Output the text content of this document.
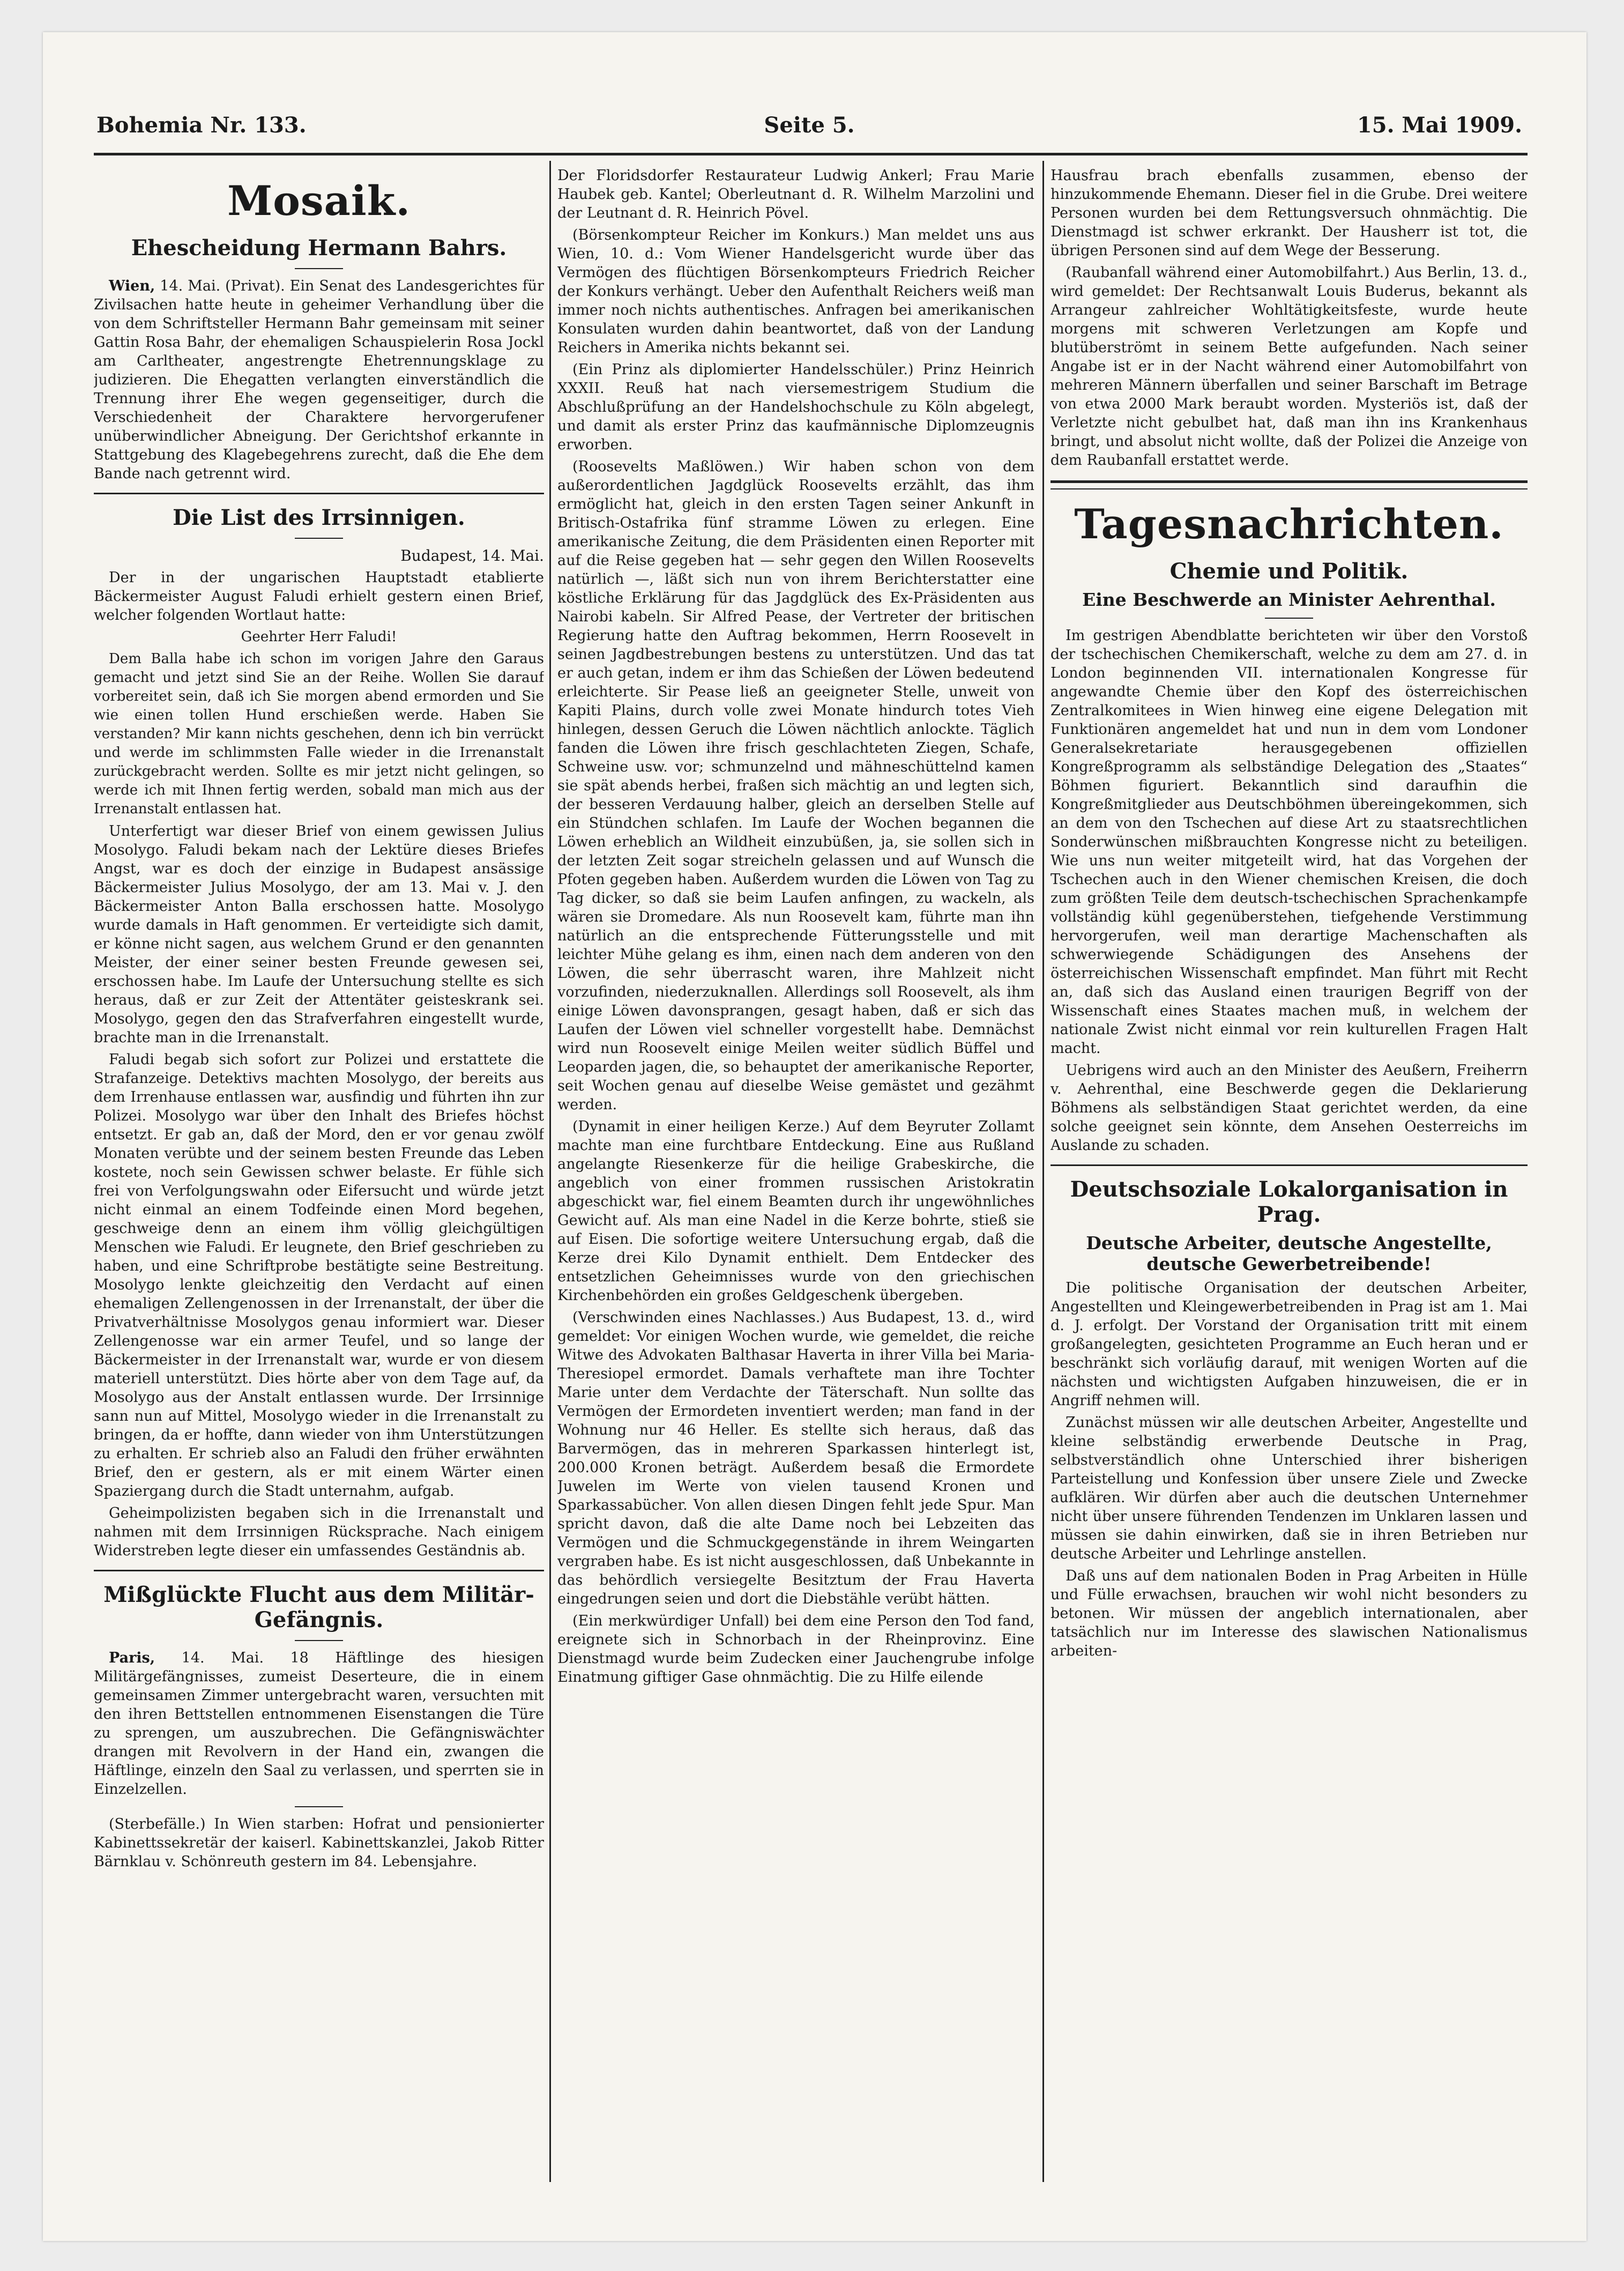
Bohemia Nr. 133.	Seite 5.	15. Mai 1909.
Mosaik.
Ehescheidung Hermann Bahrs.

Wien, 14. Mai. (Privat). Ein Senat des Landesgerichtes für Zivilsachen hatte heute in geheimer Verhandlung über die von dem Schriftsteller Hermann Bahr gemeinsam mit seiner Gattin Rosa Bahr, der ehemaligen Schauspielerin Rosa Jockl am Carltheater, angestrengte Ehetrennungsklage zu judizieren. Die Ehegatten verlangten einverständlich die Trennung ihrer Ehe wegen gegenseitiger, durch die Verschiedenheit der Charaktere hervorgerufener unüberwindlicher Abneigung. Der Gerichtshof erkannte in Stattgebung des Klagebegehrens zurecht, daß die Ehe dem Bande nach getrennt wird.

Die List des Irrsinnigen.

Budapest, 14. Mai.

Der in der ungarischen Hauptstadt etablierte Bäckermeister August Faludi erhielt gestern einen Brief, welcher folgenden Wortlaut hatte:

Geehrter Herr Faludi!

Dem Balla habe ich schon im vorigen Jahre den Garaus gemacht und jetzt sind Sie an der Reihe. Wollen Sie darauf vorbereitet sein, daß ich Sie morgen abend ermorden und Sie wie einen tollen Hund erschießen werde. Haben Sie verstanden? Mir kann nichts geschehen, denn ich bin verrückt und werde im schlimmsten Falle wieder in die Irrenanstalt zurückgebracht werden. Sollte es mir jetzt nicht gelingen, so werde ich mit Ihnen fertig werden, sobald man mich aus der Irrenanstalt entlassen hat.

Unterfertigt war dieser Brief von einem gewissen Julius Mosolygo. Faludi bekam nach der Lektüre dieses Briefes Angst, war es doch der einzige in Budapest ansässige Bäckermeister Julius Mosolygo, der am 13. Mai v. J. den Bäckermeister Anton Balla erschossen hatte. Mosolygo wurde damals in Haft genommen. Er verteidigte sich damit, er könne nicht sagen, aus welchem Grund er den genannten Meister, der einer seiner besten Freunde gewesen sei, erschossen habe. Im Laufe der Untersuchung stellte es sich heraus, daß er zur Zeit der Attentäter geisteskrank sei. Mosolygo, gegen den das Strafverfahren eingestellt wurde, brachte man in die Irrenanstalt.

Faludi begab sich sofort zur Polizei und erstattete die Strafanzeige. Detektivs machten Mosolygo, der bereits aus dem Irrenhause entlassen war, ausfindig und führten ihn zur Polizei. Mosolygo war über den Inhalt des Briefes höchst entsetzt. Er gab an, daß der Mord, den er vor genau zwölf Monaten verübte und der seinem besten Freunde das Leben kostete, noch sein Gewissen schwer belaste. Er fühle sich frei von Verfolgungswahn oder Eifersucht und würde jetzt nicht einmal an einem Todfeinde einen Mord begehen, geschweige denn an einem ihm völlig gleichgültigen Menschen wie Faludi. Er leugnete, den Brief geschrieben zu haben, und eine Schriftprobe bestätigte seine Bestreitung. Mosolygo lenkte gleichzeitig den Verdacht auf einen ehemaligen Zellengenossen in der Irrenanstalt, der über die Privatverhältnisse Mosolygos genau informiert war. Dieser Zellengenosse war ein armer Teufel, und so lange der Bäckermeister in der Irrenanstalt war, wurde er von diesem materiell unterstützt. Dies hörte aber von dem Tage auf, da Mosolygo aus der Anstalt entlassen wurde. Der Irrsinnige sann nun auf Mittel, Mosolygo wieder in die Irrenanstalt zu bringen, da er hoffte, dann wieder von ihm Unterstützungen zu erhalten. Er schrieb also an Faludi den früher erwähnten Brief, den er gestern, als er mit einem Wärter einen Spaziergang durch die Stadt unternahm, aufgab.

Geheimpolizisten begaben sich in die Irrenanstalt und nahmen mit dem Irrsinnigen Rücksprache. Nach einigem Widerstreben legte dieser ein umfassendes Geständnis ab.

Mißglückte Flucht aus dem Militär-Gefängnis.

Paris, 14. Mai. 18 Häftlinge des hiesigen Militärgefängnisses, zumeist Deserteure, die in einem gemeinsamen Zimmer untergebracht waren, versuchten mit den ihren Bettstellen entnommenen Eisenstangen die Türe zu sprengen, um auszubrechen. Die Gefängniswächter drangen mit Revolvern in der Hand ein, zwangen die Häftlinge, einzeln den Saal zu verlassen, und sperrten sie in Einzelzellen.

(Sterbefälle.) In Wien starben: Hofrat und pensionierter Kabinettssekretär der kaiserl. Kabinettskanzlei, Jakob Ritter Bärnklau v. Schönreuth gestern im 84. Lebensjahre.

Der Floridsdorfer Restaurateur Ludwig Ankerl; Frau Marie Haubek geb. Kantel; Oberleutnant d. R. Wilhelm Marzolini und der Leutnant d. R. Heinrich Pövel.

(Börsenkompteur Reicher im Konkurs.) Man meldet uns aus Wien, 10. d.: Vom Wiener Handelsgericht wurde über das Vermögen des flüchtigen Börsenkompteurs Friedrich Reicher der Konkurs verhängt. Ueber den Aufenthalt Reichers weiß man immer noch nichts authentisches. Anfragen bei amerikanischen Konsulaten wurden dahin beantwortet, daß von der Landung Reichers in Amerika nichts bekannt sei.

(Ein Prinz als diplomierter Handelsschüler.) Prinz Heinrich XXXII. Reuß hat nach viersemestrigem Studium die Abschlußprüfung an der Handelshochschule zu Köln abgelegt, und damit als erster Prinz das kaufmännische Diplomzeugnis erworben.

(Roosevelts Maßlöwen.) Wir haben schon von dem außerordentlichen Jagdglück Roosevelts erzählt, das ihm ermöglicht hat, gleich in den ersten Tagen seiner Ankunft in Britisch-Ostafrika fünf stramme Löwen zu erlegen. Eine amerikanische Zeitung, die dem Präsidenten einen Reporter mit auf die Reise gegeben hat — sehr gegen den Willen Roosevelts natürlich —, läßt sich nun von ihrem Berichterstatter eine köstliche Erklärung für das Jagdglück des Ex-Präsidenten aus Nairobi kabeln. Sir Alfred Pease, der Vertreter der britischen Regierung hatte den Auftrag bekommen, Herrn Roosevelt in seinen Jagdbestrebungen bestens zu unterstützen. Und das tat er auch getan, indem er ihm das Schießen der Löwen bedeutend erleichterte. Sir Pease ließ an geeigneter Stelle, unweit von Kapiti Plains, durch volle zwei Monate hindurch totes Vieh hinlegen, dessen Geruch die Löwen nächtlich anlockte. Täglich fanden die Löwen ihre frisch geschlachteten Ziegen, Schafe, Schweine usw. vor; schmunzelnd und mähneschüttelnd kamen sie spät abends herbei, fraßen sich mächtig an und legten sich, der besseren Verdauung halber, gleich an derselben Stelle auf ein Stündchen schlafen. Im Laufe der Wochen begannen die Löwen erheblich an Wildheit einzubüßen, ja, sie sollen sich in der letzten Zeit sogar streicheln gelassen und auf Wunsch die Pfoten gegeben haben. Außerdem wurden die Löwen von Tag zu Tag dicker, so daß sie beim Laufen anfingen, zu wackeln, als wären sie Dromedare. Als nun Roosevelt kam, führte man ihn natürlich an die entsprechende Fütterungsstelle und mit leichter Mühe gelang es ihm, einen nach dem anderen von den Löwen, die sehr überrascht waren, ihre Mahlzeit nicht vorzufinden, niederzuknallen. Allerdings soll Roosevelt, als ihm einige Löwen davonsprangen, gesagt haben, daß er sich das Laufen der Löwen viel schneller vorgestellt habe. Demnächst wird nun Roosevelt einige Meilen weiter südlich Büffel und Leoparden jagen, die, so behauptet der amerikanische Reporter, seit Wochen genau auf dieselbe Weise gemästet und gezähmt werden.

(Dynamit in einer heiligen Kerze.) Auf dem Beyruter Zollamt machte man eine furchtbare Entdeckung. Eine aus Rußland angelangte Riesenkerze für die heilige Grabeskirche, die angeblich von einer frommen russischen Aristokratin abgeschickt war, fiel einem Beamten durch ihr ungewöhnliches Gewicht auf. Als man eine Nadel in die Kerze bohrte, stieß sie auf Eisen. Die sofortige weitere Untersuchung ergab, daß die Kerze drei Kilo Dynamit enthielt. Dem Entdecker des entsetzlichen Geheimnisses wurde von den griechischen Kirchenbehörden ein großes Geldgeschenk übergeben.

(Verschwinden eines Nachlasses.) Aus Budapest, 13. d., wird gemeldet: Vor einigen Wochen wurde, wie gemeldet, die reiche Witwe des Advokaten Balthasar Haverta in ihrer Villa bei Maria-Theresiopel ermordet. Damals verhaftete man ihre Tochter Marie unter dem Verdachte der Täterschaft. Nun sollte das Vermögen der Ermordeten inventiert werden; man fand in der Wohnung nur 46 Heller. Es stellte sich heraus, daß das Barvermögen, das in mehreren Sparkassen hinterlegt ist, 200.000 Kronen beträgt. Außerdem besaß die Ermordete Juwelen im Werte von vielen tausend Kronen und Sparkassabücher. Von allen diesen Dingen fehlt jede Spur. Man spricht davon, daß die alte Dame noch bei Lebzeiten das Vermögen und die Schmuckgegenstände in ihrem Weingarten vergraben habe. Es ist nicht ausgeschlossen, daß Unbekannte in das behördlich versiegelte Besitztum der Frau Haverta eingedrungen seien und dort die Diebstähle verübt hätten.

(Ein merkwürdiger Unfall) bei dem eine Person den Tod fand, ereignete sich in Schnorbach in der Rheinprovinz. Eine Dienstmagd wurde beim Zudecken einer Jauchengrube infolge Einatmung giftiger Gase ohnmächtig. Die zu Hilfe eilende

Hausfrau brach ebenfalls zusammen, ebenso der hinzukommende Ehemann. Dieser fiel in die Grube. Drei weitere Personen wurden bei dem Rettungsversuch ohnmächtig. Die Dienstmagd ist schwer erkrankt. Der Hausherr ist tot, die übrigen Personen sind auf dem Wege der Besserung.

(Raubanfall während einer Automobilfahrt.) Aus Berlin, 13. d., wird gemeldet: Der Rechtsanwalt Louis Buderus, bekannt als Arrangeur zahlreicher Wohltätigkeitsfeste, wurde heute morgens mit schweren Verletzungen am Kopfe und blutüberströmt in seinem Bette aufgefunden. Nach seiner Angabe ist er in der Nacht während einer Automobilfahrt von mehreren Männern überfallen und seiner Barschaft im Betrage von etwa 2000 Mark beraubt worden. Mysteriös ist, daß der Verletzte nicht gebulbet hat, daß man ihn ins Krankenhaus bringt, und absolut nicht wollte, daß der Polizei die Anzeige von dem Raubanfall erstattet werde.

Tagesnachrichten.
Chemie und Politik.
Eine Beschwerde an Minister Aehrenthal.

Im gestrigen Abendblatte berichteten wir über den Vorstoß der tschechischen Chemikerschaft, welche zu dem am 27. d. in London beginnenden VII. internationalen Kongresse für angewandte Chemie über den Kopf des österreichischen Zentralkomitees in Wien hinweg eine eigene Delegation mit Funktionären angemeldet hat und nun in dem vom Londoner Generalsekretariate herausgegebenen offiziellen Kongreßprogramm als selbständige Delegation des „Staates“ Böhmen figuriert. Bekanntlich sind daraufhin die Kongreßmitglieder aus Deutschböhmen übereingekommen, sich an dem von den Tschechen auf diese Art zu staatsrechtlichen Sonderwünschen mißbrauchten Kongresse nicht zu beteiligen. Wie uns nun weiter mitgeteilt wird, hat das Vorgehen der Tschechen auch in den Wiener chemischen Kreisen, die doch zum größten Teile dem deutsch-tschechischen Sprachenkampfe vollständig kühl gegenüberstehen, tiefgehende Verstimmung hervorgerufen, weil man derartige Machenschaften als schwerwiegende Schädigungen des Ansehens der österreichischen Wissenschaft empfindet. Man führt mit Recht an, daß sich das Ausland einen traurigen Begriff von der Wissenschaft eines Staates machen muß, in welchem der nationale Zwist nicht einmal vor rein kulturellen Fragen Halt macht.

Uebrigens wird auch an den Minister des Aeußern, Freiherrn v. Aehrenthal, eine Beschwerde gegen die Deklarierung Böhmens als selbständigen Staat gerichtet werden, da eine solche geeignet sein könnte, dem Ansehen Oesterreichs im Auslande zu schaden.

Deutschsoziale Lokalorganisation in Prag.
Deutsche Arbeiter, deutsche Angestellte, deutsche Gewerbetreibende!

Die politische Organisation der deutschen Arbeiter, Angestellten und Kleingewerbetreibenden in Prag ist am 1. Mai d. J. erfolgt. Der Vorstand der Organisation tritt mit einem großangelegten, gesichteten Programme an Euch heran und er beschränkt sich vorläufig darauf, mit wenigen Worten auf die nächsten und wichtigsten Aufgaben hinzuweisen, die er in Angriff nehmen will.

Zunächst müssen wir alle deutschen Arbeiter, Angestellte und kleine selbständig erwerbende Deutsche in Prag, selbstverständlich ohne Unterschied ihrer bisherigen Parteistellung und Konfession über unsere Ziele und Zwecke aufklären. Wir dürfen aber auch die deutschen Unternehmer nicht über unsere führenden Tendenzen im Unklaren lassen und müssen sie dahin einwirken, daß sie in ihren Betrieben nur deutsche Arbeiter und Lehrlinge anstellen.

Daß uns auf dem nationalen Boden in Prag Arbeiten in Hülle und Fülle erwachsen, brauchen wir wohl nicht besonders zu betonen. Wir müssen der angeblich internationalen, aber tatsächlich nur im Interesse des slawischen Nationalismus arbeiten-
